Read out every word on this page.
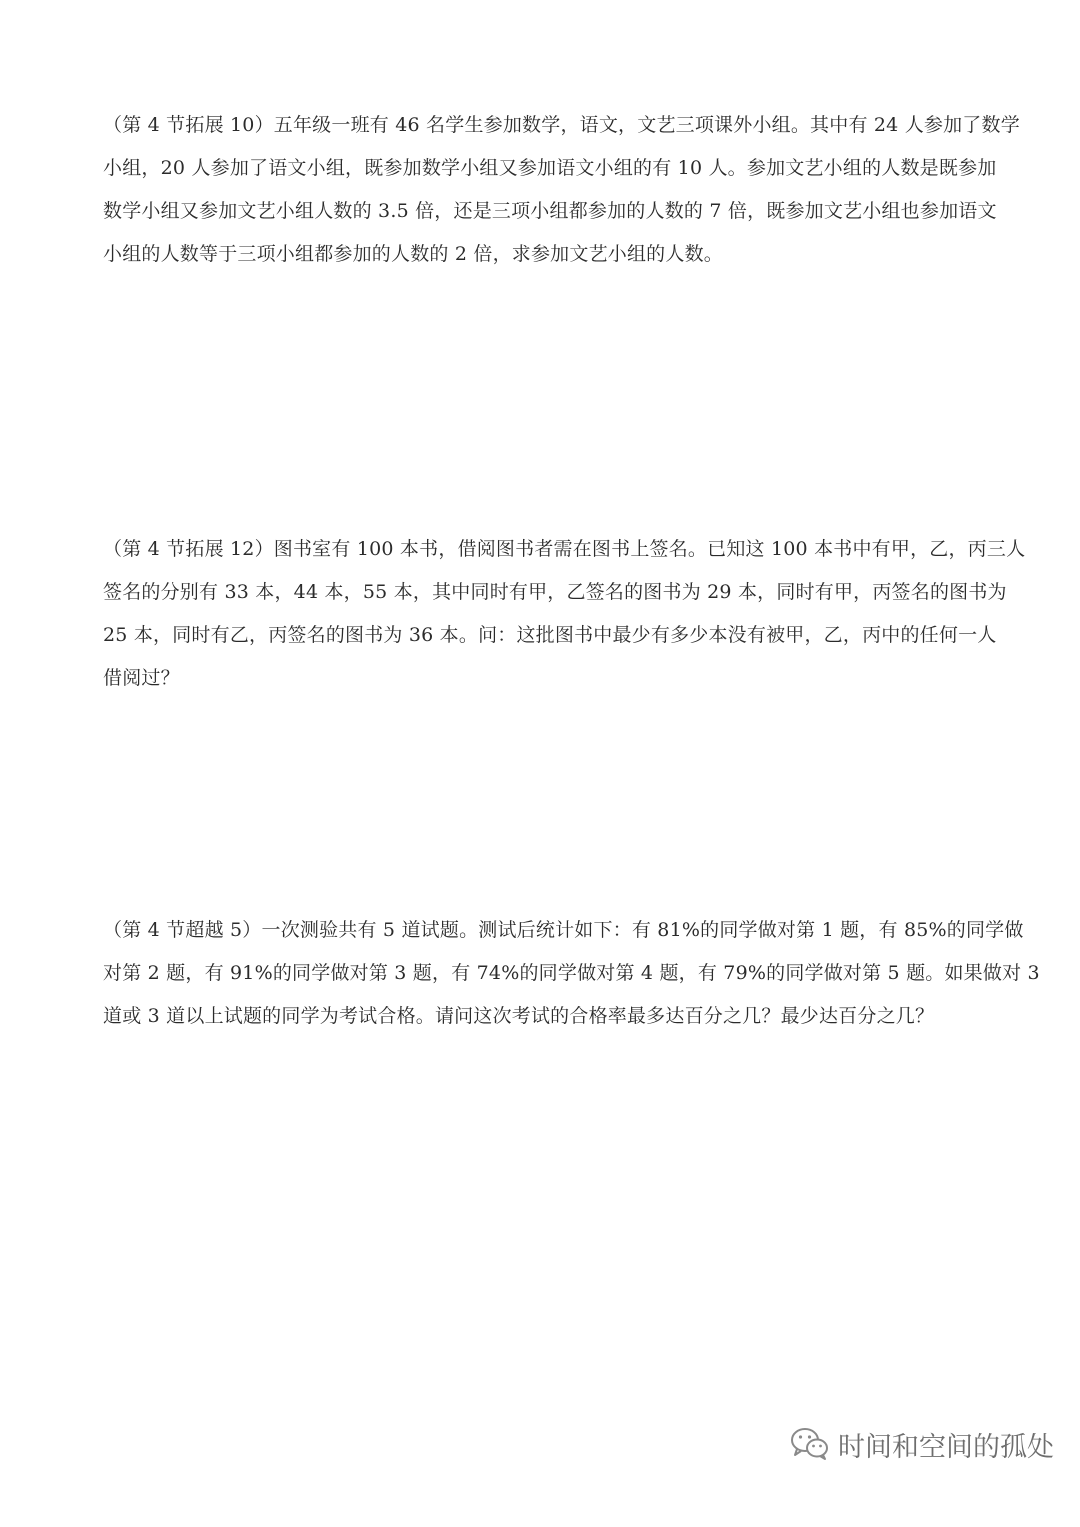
（第 4 节拓展 10）五年级一班有 46 名学生参加数学，语文，文艺三项课外小组。其中有 24 人参加了数学
小组，20 人参加了语文小组，既参加数学小组又参加语文小组的有 10 人。参加文艺小组的人数是既参加
数学小组又参加文艺小组人数的 3.5 倍，还是三项小组都参加的人数的 7 倍，既参加文艺小组也参加语文
小组的人数等于三项小组都参加的人数的 2 倍，求参加文艺小组的人数。
（第 4 节拓展 12）图书室有 100 本书，借阅图书者需在图书上签名。已知这 100 本书中有甲，乙，丙三人
签名的分别有 33 本，44 本，55 本，其中同时有甲，乙签名的图书为 29 本，同时有甲，丙签名的图书为
25 本，同时有乙，丙签名的图书为 36 本。问：这批图书中最少有多少本没有被甲，乙，丙中的任何一人
借阅过？
（第 4 节超越 5）一次测验共有 5 道试题。测试后统计如下：有 81%的同学做对第 1 题，有 85%的同学做
对第 2 题，有 91%的同学做对第 3 题，有 74%的同学做对第 4 题，有 79%的同学做对第 5 题。如果做对 3
道或 3 道以上试题的同学为考试合格。请问这次考试的合格率最多达百分之几？最少达百分之几？
时间和空间的孤处
